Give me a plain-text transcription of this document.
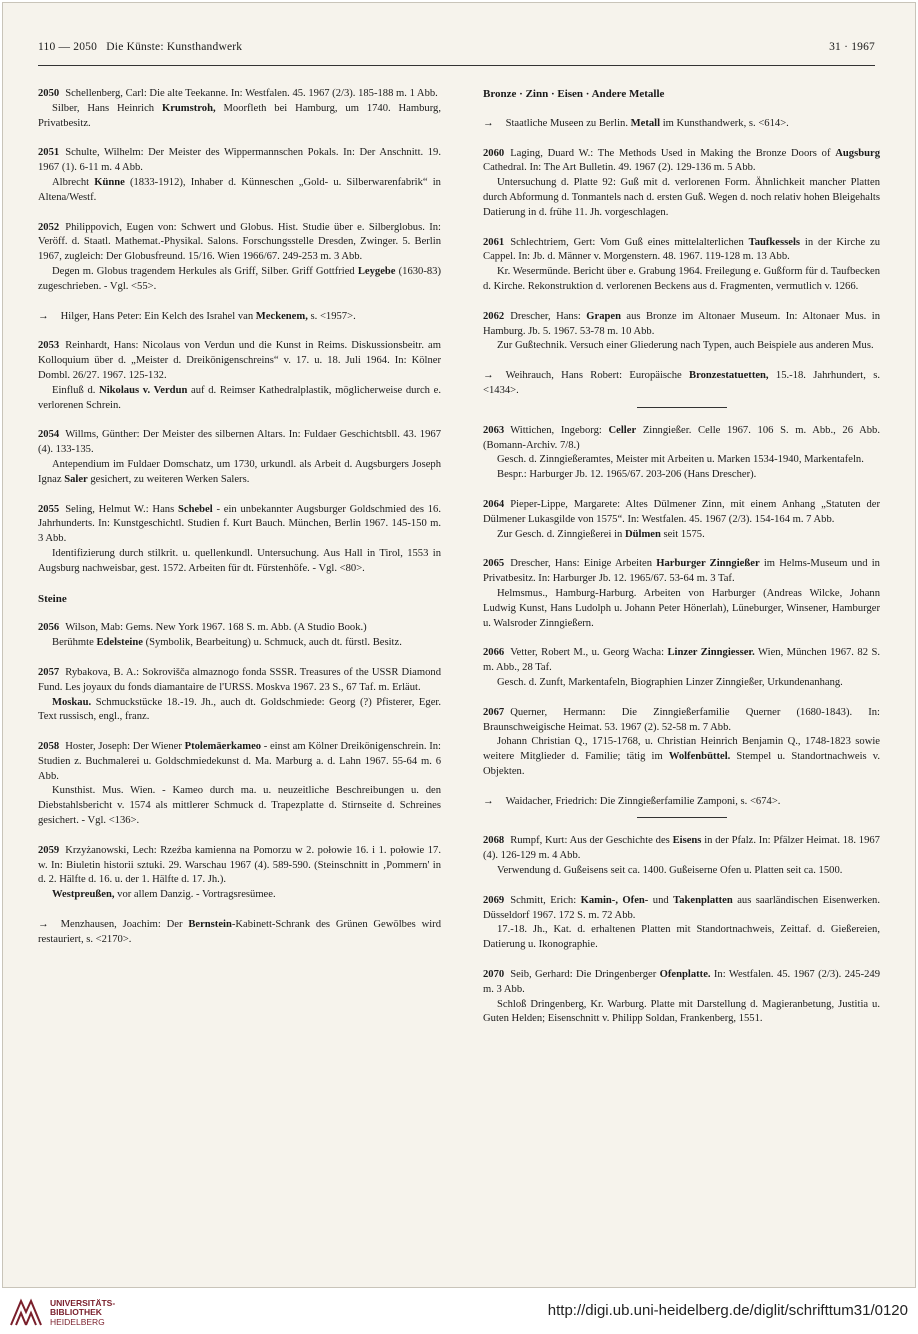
110 — 2050   Die Künste: Kunsthandwerk	31 · 1967

2050 Schellenberg, Carl: Die alte Teekanne. In: Westfalen. 45. 1967 (2/3). 185-188 m. 1 Abb.

Silber, Hans Heinrich Krumstroh, Moorfleth bei Hamburg, um 1740. Hamburg, Privatbesitz.

2051 Schulte, Wilhelm: Der Meister des Wippermannschen Pokals. In: Der Anschnitt. 19. 1967 (1). 6-11 m. 4 Abb.

Albrecht Künne (1833-1912), Inhaber d. Künneschen „Gold- u. Silberwarenfabrik“ in Altena/Westf.

2052 Philippovich, Eugen von: Schwert und Globus. Hist. Studie über e. Silberglobus. In: Veröff. d. Staatl. Mathemat.-Physikal. Salons. Forschungsstelle Dresden, Zwinger. 5. Berlin 1967, zugleich: Der Globusfreund. 15/16. Wien 1966/67. 249-253 m. 3 Abb.

Degen m. Globus tragendem Herkules als Griff, Silber. Griff Gottfried Leygebe (1630-83) zugeschrieben. - Vgl. <55>.

→ Hilger, Hans Peter: Ein Kelch des Israhel van Meckenem, s. <1957>.

2053 Reinhardt, Hans: Nicolaus von Verdun und die Kunst in Reims. Diskussionsbeitr. am Kolloquium über d. „Meister d. Dreikönigenschreins“ v. 17. u. 18. Juli 1964. In: Kölner Dombl. 26/27. 1967. 125-132.

Einfluß d. Nikolaus v. Verdun auf d. Reimser Kathedralplastik, möglicherweise durch e. verlorenen Schrein.

2054 Willms, Günther: Der Meister des silbernen Altars. In: Fuldaer Geschichtsbll. 43. 1967 (4). 133-135.

Antependium im Fuldaer Domschatz, um 1730, urkundl. als Arbeit d. Augsburgers Joseph Ignaz Saler gesichert, zu weiteren Werken Salers.

2055 Seling, Helmut W.: Hans Schebel - ein unbekannter Augsburger Goldschmied des 16. Jahrhunderts. In: Kunstgeschichtl. Studien f. Kurt Bauch. München, Berlin 1967. 145-150 m. 3 Abb.

Identifizierung durch stilkrit. u. quellenkundl. Untersuchung. Aus Hall in Tirol, 1553 in Augsburg nachweisbar, gest. 1572. Arbeiten für dt. Fürstenhöfe. - Vgl. <80>.

Steine

2056 Wilson, Mab: Gems. New York 1967. 168 S. m. Abb. (A Studio Book.)

Berühmte Edelsteine (Symbolik, Bearbeitung) u. Schmuck, auch dt. fürstl. Besitz.

2057 Rybakova, B. A.: Sokrovišča almaznogo fonda SSSR. Treasures of the USSR Diamond Fund. Les joyaux du fonds diamantaire de l'URSS. Moskva 1967. 23 S., 67 Taf. m. Erläut.

Moskau. Schmuckstücke 18.-19. Jh., auch dt. Goldschmiede: Georg (?) Pfisterer, Eger. Text russisch, engl., franz.

2058 Hoster, Joseph: Der Wiener Ptolemäerkameo - einst am Kölner Dreikönigenschrein. In: Studien z. Buchmalerei u. Goldschmiedekunst d. Ma. Marburg a. d. Lahn 1967. 55-64 m. 6 Abb.

Kunsthist. Mus. Wien. - Kameo durch ma. u. neuzeitliche Beschreibungen u. den Diebstahlsbericht v. 1574 als mittlerer Schmuck d. Trapezplatte d. Stirnseite d. Schreines gesichert. - Vgl. <136>.

2059 Krzyżanowski, Lech: Rzeźba kamienna na Pomorzu w 2. połowie 16. i 1. połowie 17. w. In: Biuletin historii sztuki. 29. Warschau 1967 (4). 589-590. (Steinschnitt in ‚Pommern' in d. 2. Hälfte d. 16. u. der 1. Hälfte d. 17. Jh.).

Westpreußen, vor allem Danzig. - Vortragsresümee.

→ Menzhausen, Joachim: Der Bernstein-Kabinett-Schrank des Grünen Gewölbes wird restauriert, s. <2170>.

Bronze · Zinn · Eisen · Andere Metalle

→ Staatliche Museen zu Berlin. Metall im Kunsthandwerk, s. <614>.

2060 Laging, Duard W.: The Methods Used in Making the Bronze Doors of Augsburg Cathedral. In: The Art Bulletin. 49. 1967 (2). 129-136 m. 5 Abb.

Untersuchung d. Platte 92: Guß mit d. verlorenen Form. Ähnlichkeit mancher Platten durch Abformung d. Tonmantels nach d. ersten Guß. Wegen d. noch relativ hohen Bleigehalts Datierung in d. frühe 11. Jh. vorgeschlagen.

2061 Schlechtriem, Gert: Vom Guß eines mittelalterlichen Taufkessels in der Kirche zu Cappel. In: Jb. d. Männer v. Morgenstern. 48. 1967. 119-128 m. 13 Abb.

Kr. Wesermünde. Bericht über e. Grabung 1964. Freilegung e. Gußform für d. Taufbecken d. Kirche. Rekonstruktion d. verlorenen Beckens aus d. Fragmenten, vermutlich v. 1266.

2062 Drescher, Hans: Grapen aus Bronze im Altonaer Museum. In: Altonaer Mus. in Hamburg. Jb. 5. 1967. 53-78 m. 10 Abb.

Zur Gußtechnik. Versuch einer Gliederung nach Typen, auch Beispiele aus anderen Mus.

→ Weihrauch, Hans Robert: Europäische Bronzestatuetten, 15.-18. Jahrhundert, s. <1434>.

2063 Wittichen, Ingeborg: Celler Zinngießer. Celle 1967. 106 S. m. Abb., 26 Abb. (Bomann-Archiv. 7/8.)

Gesch. d. Zinngießeramtes, Meister mit Arbeiten u. Marken 1534-1940, Markentafeln.

Bespr.: Harburger Jb. 12. 1965/67. 203-206 (Hans Drescher).

2064 Pieper-Lippe, Margarete: Altes Dülmener Zinn, mit einem Anhang „Statuten der Dülmener Lukasgilde von 1575“. In: Westfalen. 45. 1967 (2/3). 154-164 m. 7 Abb.

Zur Gesch. d. Zinngießerei in Dülmen seit 1575.

2065 Drescher, Hans: Einige Arbeiten Harburger Zinngießer im Helms-Museum und in Privatbesitz. In: Harburger Jb. 12. 1965/67. 53-64 m. 3 Taf.

Helmsmus., Hamburg-Harburg. Arbeiten von Harburger (Andreas Wilcke, Johann Ludwig Kunst, Hans Ludolph u. Johann Peter Hönerlah), Lüneburger, Winsener, Hamburger u. Walsroder Zinngießern.

2066 Vetter, Robert M., u. Georg Wacha: Linzer Zinngiesser. Wien, München 1967. 82 S. m. Abb., 28 Taf.

Gesch. d. Zunft, Markentafeln, Biographien Linzer Zinngießer, Urkundenanhang.

2067 Querner, Hermann: Die Zinngießerfamilie Querner (1680-1843). In: Braunschweigische Heimat. 53. 1967 (2). 52-58 m. 7 Abb.

Johann Christian Q., 1715-1768, u. Christian Heinrich Benjamin Q., 1748-1823 sowie weitere Mitglieder d. Familie; tätig im Wolfenbüttel. Stempel u. Standortnachweis v. Objekten.

→ Waidacher, Friedrich: Die Zinngießerfamilie Zamponi, s. <674>.

2068 Rumpf, Kurt: Aus der Geschichte des Eisens in der Pfalz. In: Pfälzer Heimat. 18. 1967 (4). 126-129 m. 4 Abb.

Verwendung d. Gußeisens seit ca. 1400. Gußeiserne Ofen u. Platten seit ca. 1500.

2069 Schmitt, Erich: Kamin-, Ofen- und Takenplatten aus saarländischen Eisenwerken. Düsseldorf 1967. 172 S. m. 72 Abb.

17.-18. Jh., Kat. d. erhaltenen Platten mit Standortnachweis, Zeittaf. d. Gießereien, Datierung u. Ikonographie.

2070 Seib, Gerhard: Die Dringenberger Ofenplatte. In: Westfalen. 45. 1967 (2/3). 245-249 m. 3 Abb.

Schloß Dringenberg, Kr. Warburg. Platte mit Darstellung d. Magieranbetung, Justitia u. Guten Helden; Eisenschnitt v. Philipp Soldan, Frankenberg, 1551.

UNIVERSITÄTS-
BIBLIOTHEK
HEIDELBERG
http://digi.ub.uni-heidelberg.de/diglit/schrifttum31/0120
